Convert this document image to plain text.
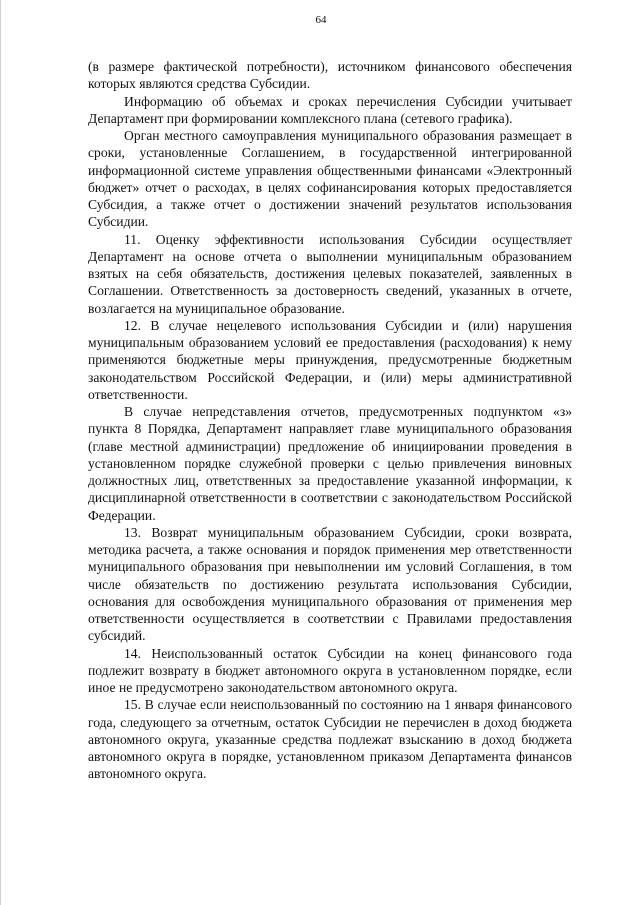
64

(в размере фактической потребности), источником финансового обеспечения которых являются средства Субсидии.

Информацию об объемах и сроках перечисления Субсидии учитывает Департамент при формировании комплексного плана (сетевого графика).

Орган местного самоуправления муниципального образования размещает в сроки, установленные Соглашением, в государственной интегрированной информационной системе управления общественными финансами «Электронный бюджет» отчет о расходах, в целях софинансирования которых предоставляется Субсидия, а также отчет о достижении значений результатов использования Субсидии.

11. Оценку эффективности использования Субсидии осуществляет Департамент на основе отчета о выполнении муниципальным образованием взятых на себя обязательств, достижения целевых показателей, заявленных в Соглашении. Ответственность за достоверность сведений, указанных в отчете, возлагается на муниципальное образование.

12. В случае нецелевого использования Субсидии и (или) нарушения муниципальным образованием условий ее предоставления (расходования) к нему применяются бюджетные меры принуждения, предусмотренные бюджетным законодательством Российской Федерации, и (или) меры административной ответственности.

В случае непредставления отчетов, предусмотренных подпунктом «з» пункта 8 Порядка, Департамент направляет главе муниципального образования (главе местной администрации) предложение об инициировании проведения в установленном порядке служебной проверки с целью привлечения виновных должностных лиц, ответственных за предоставление указанной информации, к дисциплинарной ответственности в соответствии с законодательством Российской Федерации.

13. Возврат муниципальным образованием Субсидии, сроки возврата, методика расчета, а также основания и порядок применения мер ответственности муниципального образования при невыполнении им условий Соглашения, в том числе обязательств по достижению результата использования Субсидии, основания для освобождения муниципального образования от применения мер ответственности осуществляется в соответствии с Правилами предоставления субсидий.

14. Неиспользованный остаток Субсидии на конец финансового года подлежит возврату в бюджет автономного округа в установленном порядке, если иное не предусмотрено законодательством автономного округа.

15. В случае если неиспользованный по состоянию на 1 января финансового года, следующего за отчетным, остаток Субсидии не перечислен в доход бюджета автономного округа, указанные средства подлежат взысканию в доход бюджета автономного округа в порядке, установленном приказом Департамента финансов автономного округа.
